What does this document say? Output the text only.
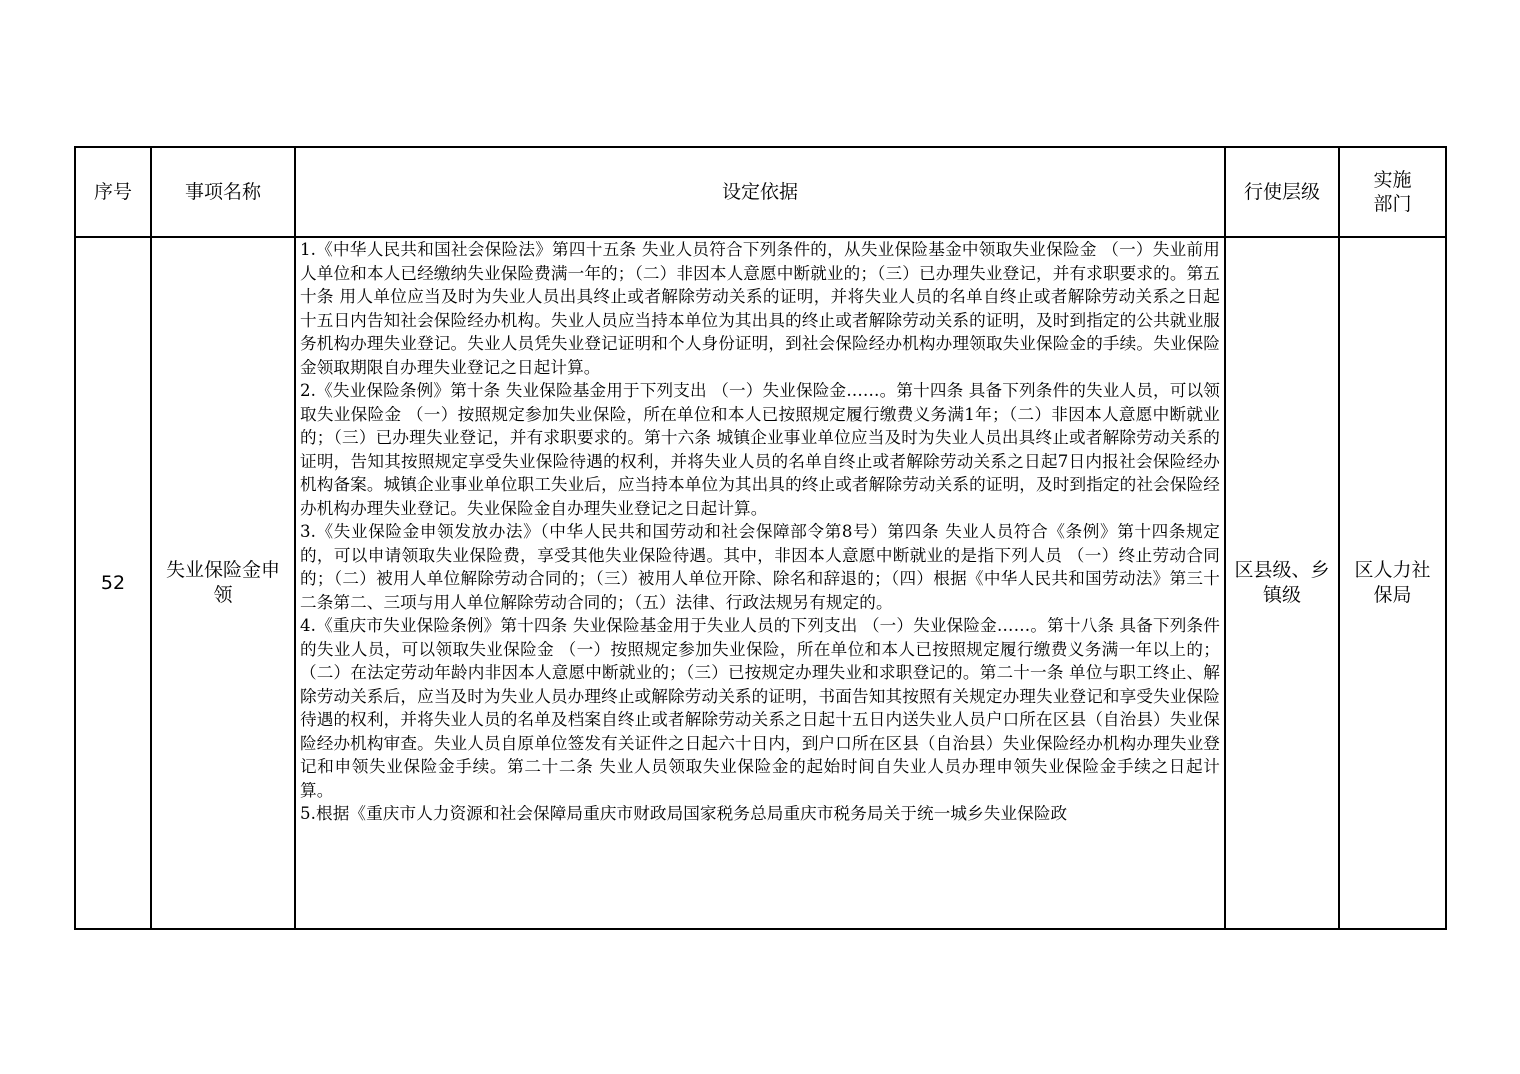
序号	事项名称	设定依据	行使层级	实施部门
52	失业保险金申领	1.《中华人民共和国社会保险法》第四十五条 失业人员符合下列条件的，从失业保险基金中领取失业保险金 （一）失业前用人单位和本人已经缴纳失业保险费满一年的；（二）非因本人意愿中断就业的；（三）已办理失业登记，并有求职要求的。第五十条 用人单位应当及时为失业人员出具终止或者解除劳动关系的证明，并将失业人员的名单自终止或者解除劳动关系之日起十五日内告知社会保险经办机构。失业人员应当持本单位为其出具的终止或者解除劳动关系的证明，及时到指定的公共就业服务机构办理失业登记。失业人员凭失业登记证明和个人身份证明，到社会保险经办机构办理领取失业保险金的手续。失业保险金领取期限自办理失业登记之日起计算。

2.《失业保险条例》第十条 失业保险基金用于下列支出 （一）失业保险金……。第十四条 具备下列条件的失业人员，可以领取失业保险金 （一）按照规定参加失业保险，所在单位和本人已按照规定履行缴费义务满1年；（二）非因本人意愿中断就业的；（三）已办理失业登记，并有求职要求的。第十六条 城镇企业事业单位应当及时为失业人员出具终止或者解除劳动关系的证明，告知其按照规定享受失业保险待遇的权利，并将失业人员的名单自终止或者解除劳动关系之日起7日内报社会保险经办机构备案。城镇企业事业单位职工失业后，应当持本单位为其出具的终止或者解除劳动关系的证明，及时到指定的社会保险经办机构办理失业登记。失业保险金自办理失业登记之日起计算。

3.《失业保险金申领发放办法》（中华人民共和国劳动和社会保障部令第8号）第四条 失业人员符合《条例》第十四条规定的，可以申请领取失业保险费，享受其他失业保险待遇。其中，非因本人意愿中断就业的是指下列人员 （一）终止劳动合同的；（二）被用人单位解除劳动合同的；（三）被用人单位开除、除名和辞退的；（四）根据《中华人民共和国劳动法》第三十二条第二、三项与用人单位解除劳动合同的；（五）法律、行政法规另有规定的。

4.《重庆市失业保险条例》第十四条 失业保险基金用于失业人员的下列支出 （一）失业保险金……。第十八条 具备下列条件的失业人员，可以领取失业保险金 （一）按照规定参加失业保险，所在单位和本人已按照规定履行缴费义务满一年以上的；（二）在法定劳动年龄内非因本人意愿中断就业的；（三）已按规定办理失业和求职登记的。第二十一条 单位与职工终止、解除劳动关系后，应当及时为失业人员办理终止或解除劳动关系的证明，书面告知其按照有关规定办理失业登记和享受失业保险待遇的权利，并将失业人员的名单及档案自终止或者解除劳动关系之日起十五日内送失业人员户口所在区县（自治县）失业保险经办机构审查。失业人员自原单位签发有关证件之日起六十日内，到户口所在区县（自治县）失业保险经办机构办理失业登记和申领失业保险金手续。第二十二条 失业人员领取失业保险金的起始时间自失业人员办理申领失业保险金手续之日起计算。

5.根据《重庆市人力资源和社会保障局重庆市财政局国家税务总局重庆市税务局关于统一城乡失业保险政	区县级、乡镇级	区人力社保局
